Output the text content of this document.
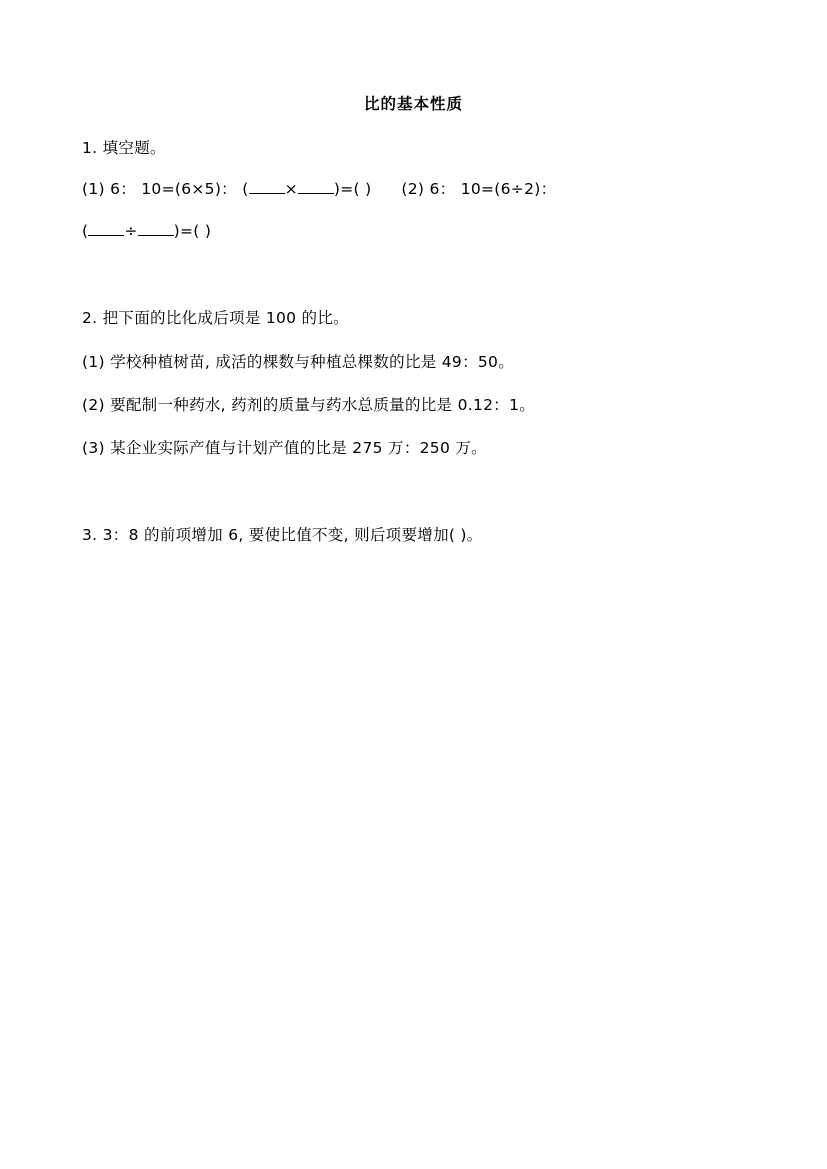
比的基本性质
1. 填空题。
(1) 6： 10=(6×5)： ( × )=( ) (2) 6： 10=(6÷2)：
( ÷ )=( )
2. 把下面的比化成后项是 100 的比。
(1) 学校种植树苗, 成活的棵数与种植总棵数的比是 49：50。
(2) 要配制一种药水, 药剂的质量与药水总质量的比是 0.12：1。
(3) 某企业实际产值与计划产值的比是 275 万：250 万。
3. 3：8 的前项增加 6, 要使比值不变, 则后项要增加( )。
